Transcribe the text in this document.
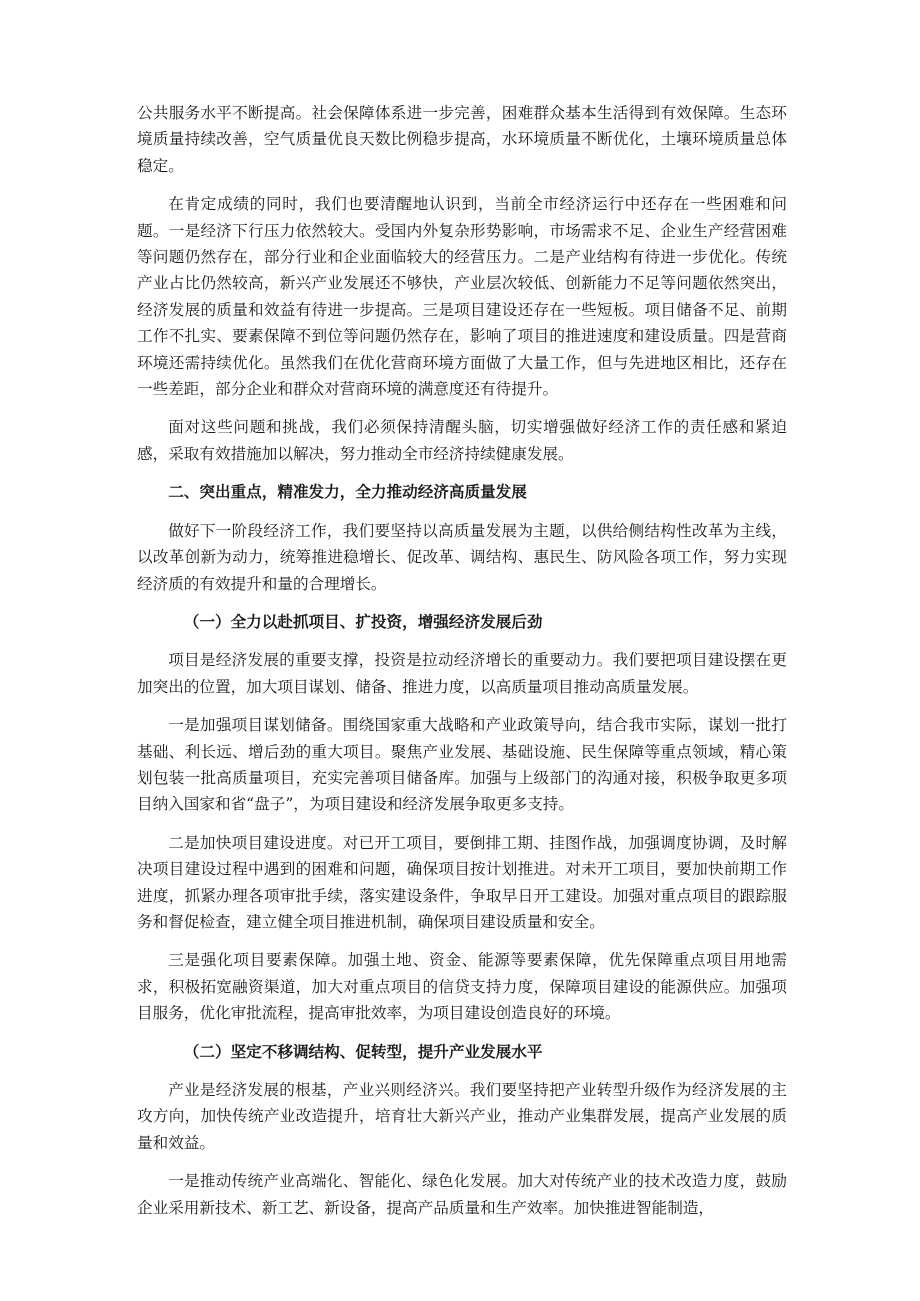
公共服务水平不断提高。社会保障体系进一步完善，困难群众基本生活得到有效保障。生态环境质量持续改善，空气质量优良天数比例稳步提高，水环境质量不断优化，土壤环境质量总体稳定。

在肯定成绩的同时，我们也要清醒地认识到，当前全市经济运行中还存在一些困难和问题。一是经济下行压力依然较大。受国内外复杂形势影响，市场需求不足、企业生产经营困难等问题仍然存在，部分行业和企业面临较大的经营压力。二是产业结构有待进一步优化。传统产业占比仍然较高，新兴产业发展还不够快，产业层次较低、创新能力不足等问题依然突出，经济发展的质量和效益有待进一步提高。三是项目建设还存在一些短板。项目储备不足、前期工作不扎实、要素保障不到位等问题仍然存在，影响了项目的推进速度和建设质量。四是营商环境还需持续优化。虽然我们在优化营商环境方面做了大量工作，但与先进地区相比，还存在一些差距，部分企业和群众对营商环境的满意度还有待提升。

面对这些问题和挑战，我们必须保持清醒头脑，切实增强做好经济工作的责任感和紧迫感，采取有效措施加以解决，努力推动全市经济持续健康发展。

二、突出重点，精准发力，全力推动经济高质量发展

做好下一阶段经济工作，我们要坚持以高质量发展为主题，以供给侧结构性改革为主线，以改革创新为动力，统筹推进稳增长、促改革、调结构、惠民生、防风险各项工作，努力实现经济质的有效提升和量的合理增长。

（一）全力以赴抓项目、扩投资，增强经济发展后劲

项目是经济发展的重要支撑，投资是拉动经济增长的重要动力。我们要把项目建设摆在更加突出的位置，加大项目谋划、储备、推进力度，以高质量项目推动高质量发展。

一是加强项目谋划储备。围绕国家重大战略和产业政策导向，结合我市实际，谋划一批打基础、利长远、增后劲的重大项目。聚焦产业发展、基础设施、民生保障等重点领域，精心策划包装一批高质量项目，充实完善项目储备库。加强与上级部门的沟通对接，积极争取更多项目纳入国家和省“盘子”，为项目建设和经济发展争取更多支持。

二是加快项目建设进度。对已开工项目，要倒排工期、挂图作战，加强调度协调，及时解决项目建设过程中遇到的困难和问题，确保项目按计划推进。对未开工项目，要加快前期工作进度，抓紧办理各项审批手续，落实建设条件，争取早日开工建设。加强对重点项目的跟踪服务和督促检查，建立健全项目推进机制，确保项目建设质量和安全。

三是强化项目要素保障。加强土地、资金、能源等要素保障，优先保障重点项目用地需求，积极拓宽融资渠道，加大对重点项目的信贷支持力度，保障项目建设的能源供应。加强项目服务，优化审批流程，提高审批效率，为项目建设创造良好的环境。

（二）坚定不移调结构、促转型，提升产业发展水平

产业是经济发展的根基，产业兴则经济兴。我们要坚持把产业转型升级作为经济发展的主攻方向，加快传统产业改造提升，培育壮大新兴产业，推动产业集群发展，提高产业发展的质量和效益。

一是推动传统产业高端化、智能化、绿色化发展。加大对传统产业的技术改造力度，鼓励企业采用新技术、新工艺、新设备，提高产品质量和生产效率。加快推进智能制造，
